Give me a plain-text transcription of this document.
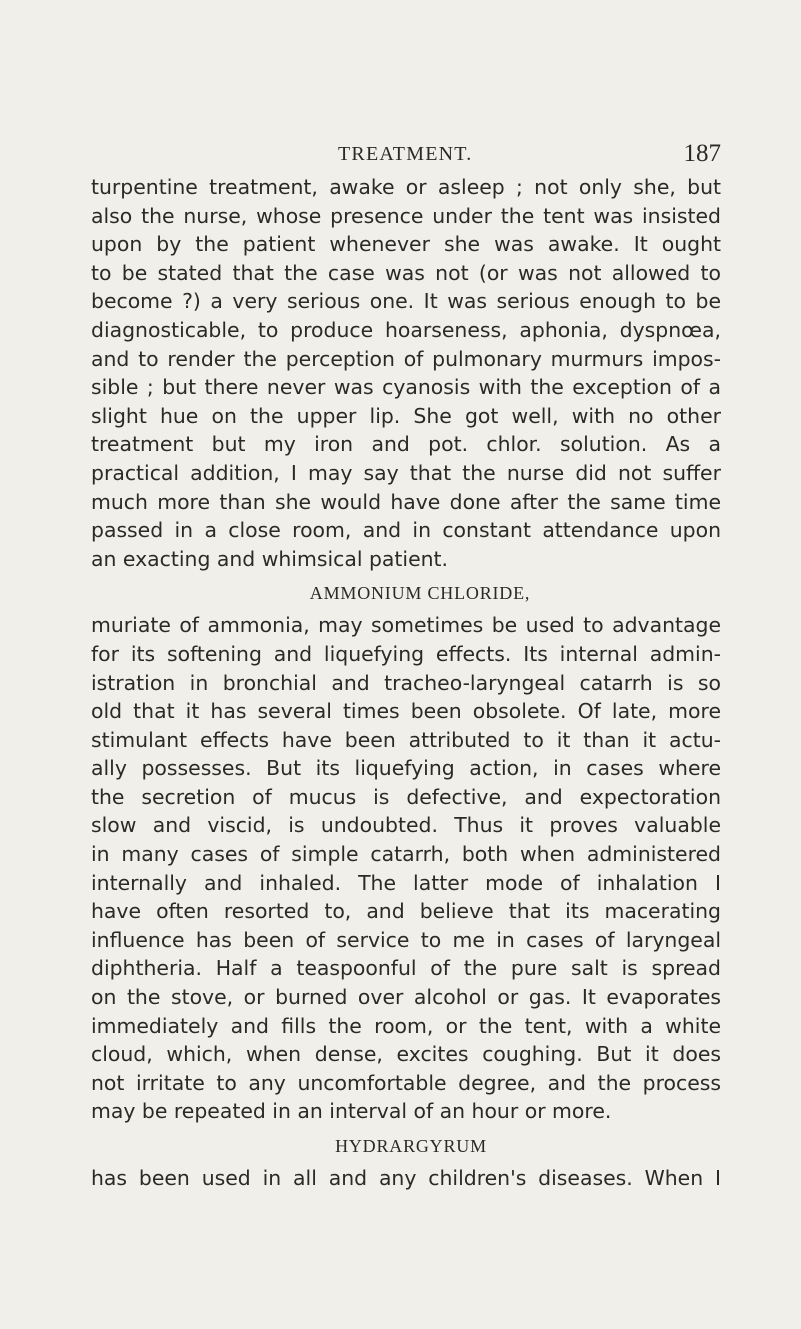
TREATMENT.	187
turpentine treatment, awake or asleep ; not only she, but
also the nurse, whose presence under the tent was insisted
upon by the patient whenever she was awake. It ought
to be stated that the case was not (or was not allowed to
become ?) a very serious one. It was serious enough to be
diagnosticable, to produce hoarseness, aphonia, dyspnœa,
and to render the perception of pulmonary murmurs impos-
sible ; but there never was cyanosis with the exception of a
slight hue on the upper lip. She got well, with no other
treatment but my iron and pot. chlor. solution. As a
practical addition, I may say that the nurse did not suffer
much more than she would have done after the same time
passed in a close room, and in constant attendance upon
an exacting and whimsical patient.
AMMONIUM CHLORIDE,
muriate of ammonia, may sometimes be used to advantage
for its softening and liquefying effects. Its internal admin-
istration in bronchial and tracheo-laryngeal catarrh is so
old that it has several times been obsolete. Of late, more
stimulant effects have been attributed to it than it actu-
ally possesses. But its liquefying action, in cases where
the secretion of mucus is defective, and expectoration
slow and viscid, is undoubted. Thus it proves valuable
in many cases of simple catarrh, both when administered
internally and inhaled. The latter mode of inhalation I
have often resorted to, and believe that its macerating
influence has been of service to me in cases of laryngeal
diphtheria. Half a teaspoonful of the pure salt is spread
on the stove, or burned over alcohol or gas. It evaporates
immediately and fills the room, or the tent, with a white
cloud, which, when dense, excites coughing. But it does
not irritate to any uncomfortable degree, and the process
may be repeated in an interval of an hour or more.
HYDRARGYRUM
has been used in all and any children's diseases. When I
